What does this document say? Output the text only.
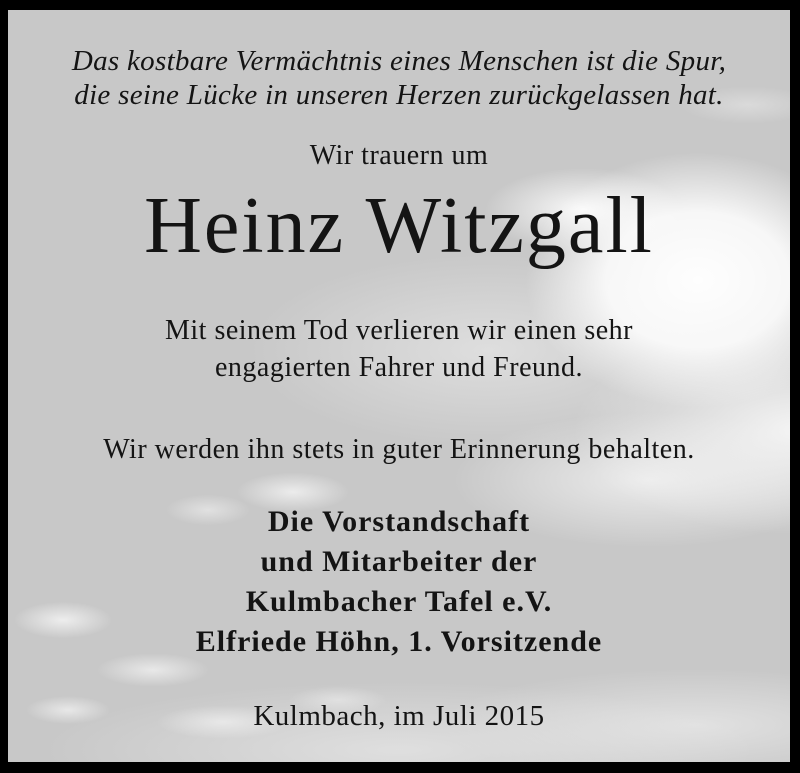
Das kostbare Vermächtnis eines Menschen ist die Spur,
die seine Lücke in unseren Herzen zurückgelassen hat.
Wir trauern um
Heinz Witzgall
Mit seinem Tod verlieren wir einen sehr
engagierten Fahrer und Freund.
Wir werden ihn stets in guter Erinnerung behalten.
Die Vorstandschaft
und Mitarbeiter der
Kulmbacher Tafel e.V.
Elfriede Höhn, 1. Vorsitzende
Kulmbach, im Juli 2015
